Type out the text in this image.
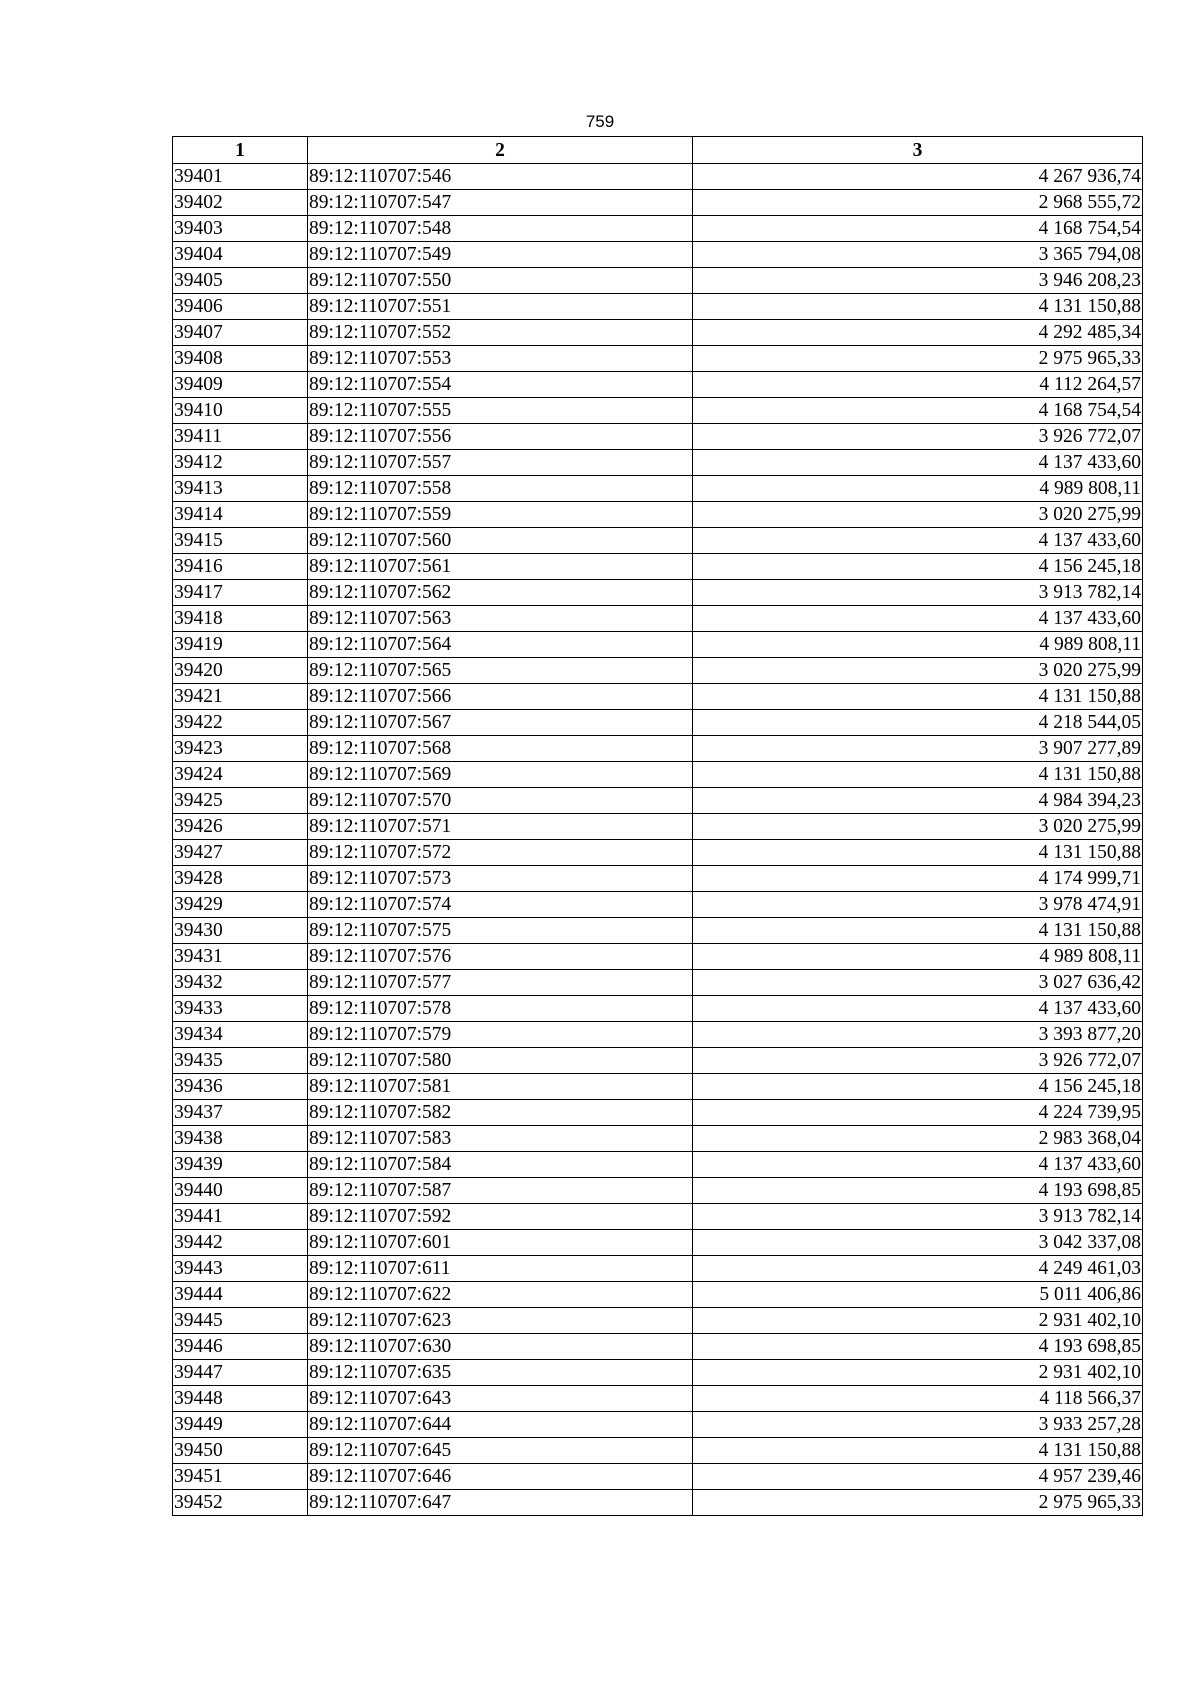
759
1	2	3
39401	89:12:110707:546	4 267 936,74
39402	89:12:110707:547	2 968 555,72
39403	89:12:110707:548	4 168 754,54
39404	89:12:110707:549	3 365 794,08
39405	89:12:110707:550	3 946 208,23
39406	89:12:110707:551	4 131 150,88
39407	89:12:110707:552	4 292 485,34
39408	89:12:110707:553	2 975 965,33
39409	89:12:110707:554	4 112 264,57
39410	89:12:110707:555	4 168 754,54
39411	89:12:110707:556	3 926 772,07
39412	89:12:110707:557	4 137 433,60
39413	89:12:110707:558	4 989 808,11
39414	89:12:110707:559	3 020 275,99
39415	89:12:110707:560	4 137 433,60
39416	89:12:110707:561	4 156 245,18
39417	89:12:110707:562	3 913 782,14
39418	89:12:110707:563	4 137 433,60
39419	89:12:110707:564	4 989 808,11
39420	89:12:110707:565	3 020 275,99
39421	89:12:110707:566	4 131 150,88
39422	89:12:110707:567	4 218 544,05
39423	89:12:110707:568	3 907 277,89
39424	89:12:110707:569	4 131 150,88
39425	89:12:110707:570	4 984 394,23
39426	89:12:110707:571	3 020 275,99
39427	89:12:110707:572	4 131 150,88
39428	89:12:110707:573	4 174 999,71
39429	89:12:110707:574	3 978 474,91
39430	89:12:110707:575	4 131 150,88
39431	89:12:110707:576	4 989 808,11
39432	89:12:110707:577	3 027 636,42
39433	89:12:110707:578	4 137 433,60
39434	89:12:110707:579	3 393 877,20
39435	89:12:110707:580	3 926 772,07
39436	89:12:110707:581	4 156 245,18
39437	89:12:110707:582	4 224 739,95
39438	89:12:110707:583	2 983 368,04
39439	89:12:110707:584	4 137 433,60
39440	89:12:110707:587	4 193 698,85
39441	89:12:110707:592	3 913 782,14
39442	89:12:110707:601	3 042 337,08
39443	89:12:110707:611	4 249 461,03
39444	89:12:110707:622	5 011 406,86
39445	89:12:110707:623	2 931 402,10
39446	89:12:110707:630	4 193 698,85
39447	89:12:110707:635	2 931 402,10
39448	89:12:110707:643	4 118 566,37
39449	89:12:110707:644	3 933 257,28
39450	89:12:110707:645	4 131 150,88
39451	89:12:110707:646	4 957 239,46
39452	89:12:110707:647	2 975 965,33
